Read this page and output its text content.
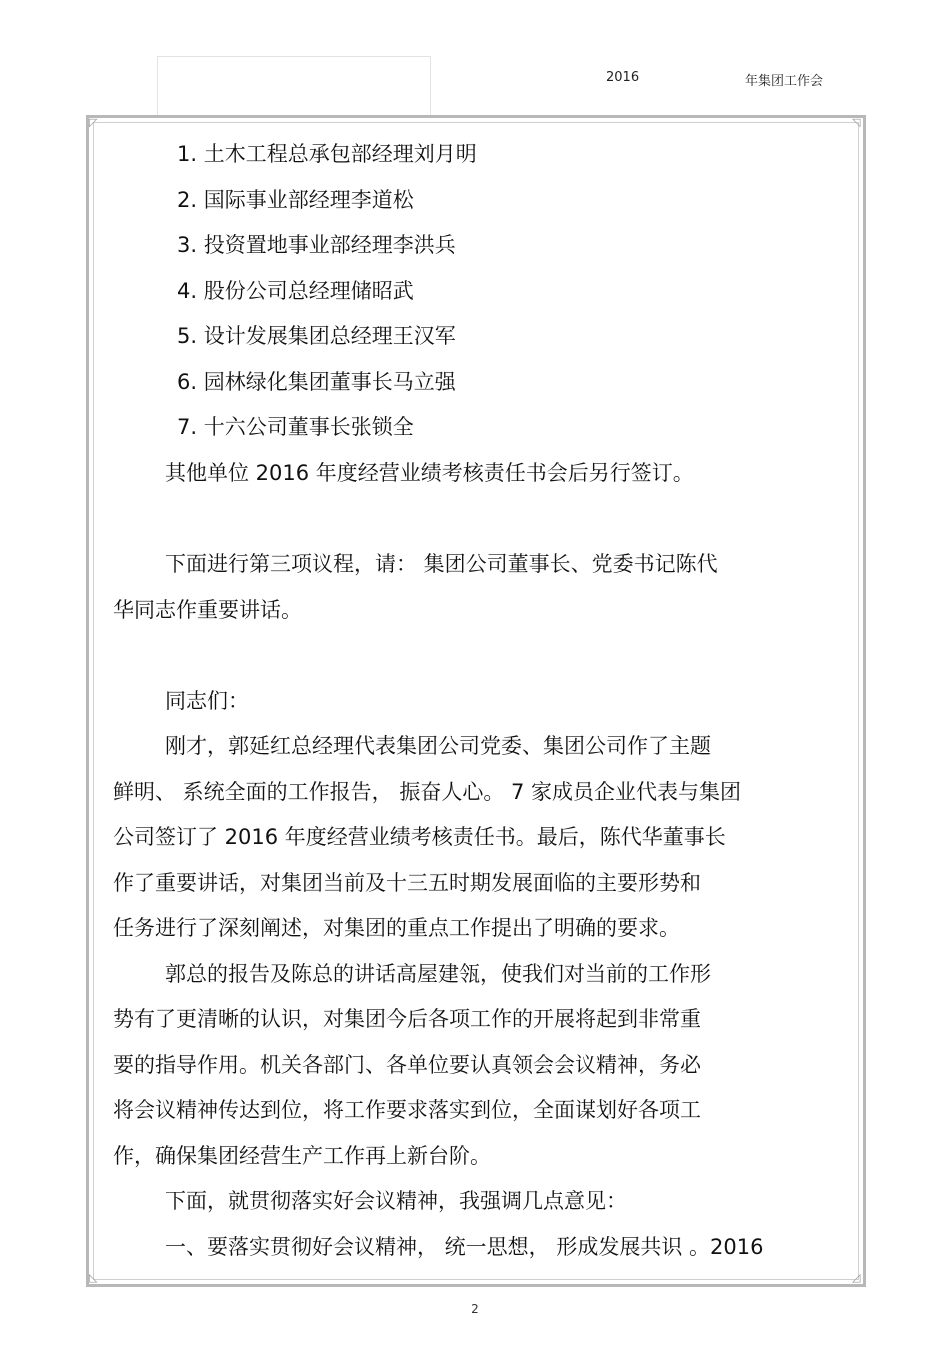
2016	年集团工作会
◸	◹
◺	◿
1. 土木工程总承包部经理刘月明
2. 国际事业部经理李道松
3. 投资置地事业部经理李洪兵
4. 股份公司总经理储昭武
5. 设计发展集团总经理王汉军
6. 园林绿化集团董事长马立强
7. 十六公司董事长张锁全
其他单位 2016 年度经营业绩考核责任书会后另行签订。
下面进行第三项议程，请： 集团公司董事长、党委书记陈代
华同志作重要讲话。
同志们：
刚才，郭延红总经理代表集团公司党委、集团公司作了主题
鲜明、 系统全面的工作报告， 振奋人心。 7 家成员企业代表与集团
公司签订了 2016 年度经营业绩考核责任书。最后，陈代华董事长
作了重要讲话，对集团当前及十三五时期发展面临的主要形势和
任务进行了深刻阐述，对集团的重点工作提出了明确的要求。
郭总的报告及陈总的讲话高屋建瓴，使我们对当前的工作形
势有了更清晰的认识，对集团今后各项工作的开展将起到非常重
要的指导作用。机关各部门、各单位要认真领会会议精神，务必
将会议精神传达到位，将工作要求落实到位，全面谋划好各项工
作，确保集团经营生产工作再上新台阶。
下面，就贯彻落实好会议精神，我强调几点意见：
一、要落实贯彻好会议精神， 统一思想， 形成发展共识 。2016
2
